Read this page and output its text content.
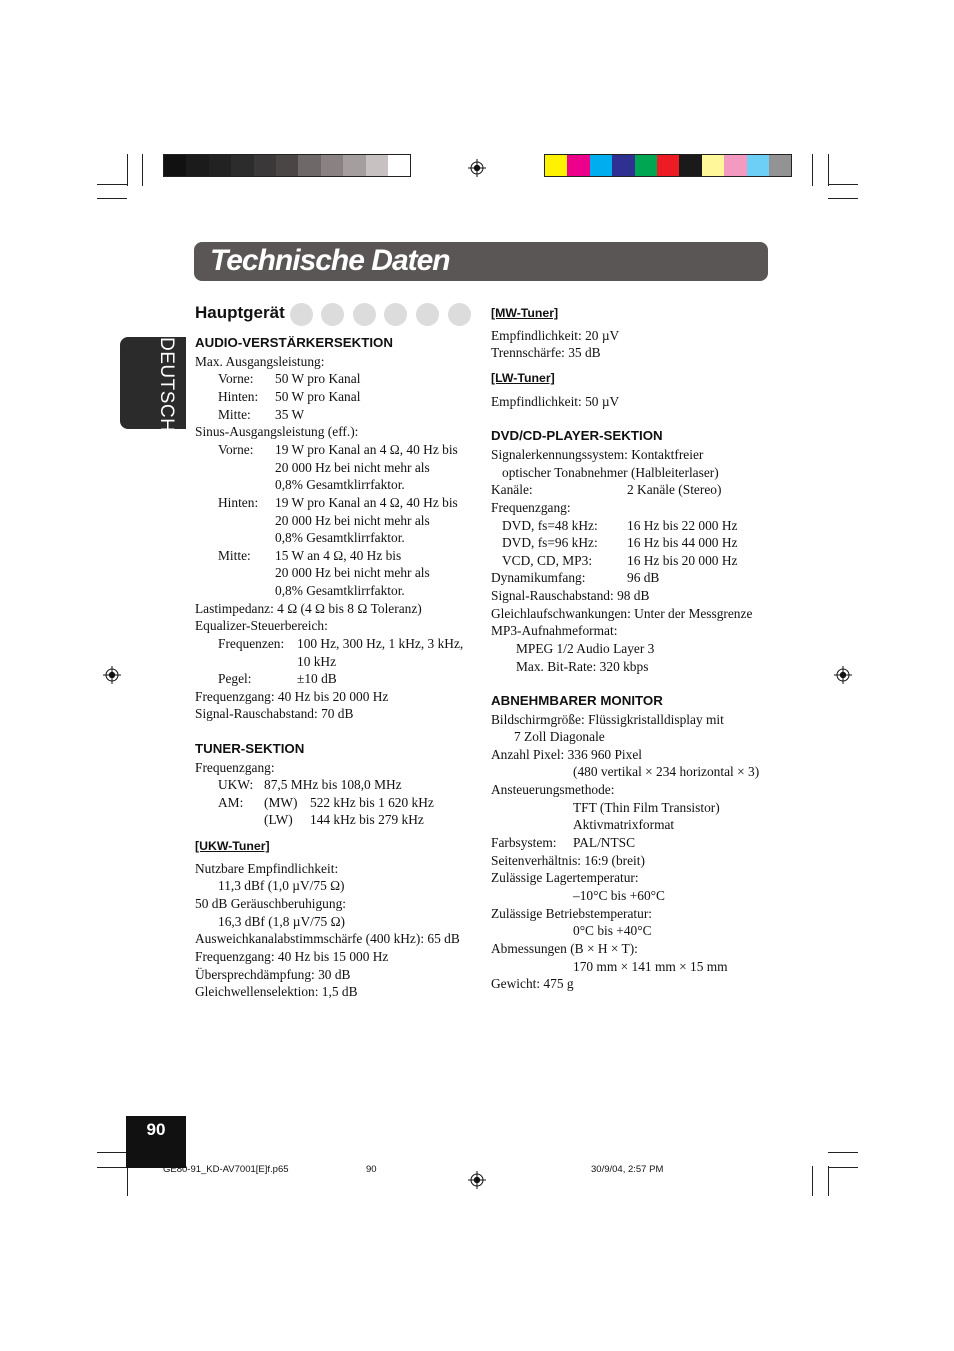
Technische Daten
DEUTSCH
Hauptgerät
AUDIO-VERSTÄRKERSEKTION
Max. Ausgangsleistung:
Vorne: 50 W pro Kanal
Hinten: 50 W pro Kanal
Mitte: 35 W
Sinus-Ausgangsleistung (eff.):
Vorne: 19 W pro Kanal an 4 Ω, 40 Hz bis
20 000 Hz bei nicht mehr als
0,8% Gesamtklirrfaktor.
Hinten: 19 W pro Kanal an 4 Ω, 40 Hz bis
20 000 Hz bei nicht mehr als
0,8% Gesamtklirrfaktor.
Mitte: 15 W an 4 Ω, 40 Hz bis
20 000 Hz bei nicht mehr als
0,8% Gesamtklirrfaktor.
Lastimpedanz: 4 Ω (4 Ω bis 8 Ω Toleranz)
Equalizer-Steuerbereich:
Frequenzen: 100 Hz, 300 Hz, 1 kHz, 3 kHz,
10 kHz
Pegel:	±10 dB
Frequenzgang: 40 Hz bis 20 000 Hz
Signal-Rauschabstand: 70 dB
TUNER-SEKTION
Frequenzgang:
UKW: 87,5 MHz bis 108,0 MHz
AM: (MW) 522 kHz bis 1 620 kHz
(LW) 144 kHz bis 279 kHz
[UKW-Tuner]
Nutzbare Empfindlichkeit:
11,3 dBf (1,0 µV/75 Ω)
50 dB Geräuschberuhigung:
16,3 dBf (1,8 µV/75 Ω)
Ausweichkanalabstimmschärfe (400 kHz): 65 dB
Frequenzgang: 40 Hz bis 15 000 Hz
Übersprechdämpfung: 30 dB
Gleichwellenselektion: 1,5 dB
[MW-Tuner]
Empfindlichkeit: 20 µV
Trennschärfe: 35 dB
[LW-Tuner]
Empfindlichkeit: 50 µV
DVD/CD-PLAYER-SEKTION
Signalerkennungssystem: Kontaktfreier
optischer Tonabnehmer (Halbleiterlaser)
Kanäle:	2 Kanäle (Stereo)
Frequenzgang:
DVD, fs=48 kHz: 16 Hz bis 22 000 Hz
DVD, fs=96 kHz: 16 Hz bis 44 000 Hz
VCD, CD, MP3:	16 Hz bis 20 000 Hz
Dynamikumfang:	96 dB
Signal-Rauschabstand: 98 dB
Gleichlaufschwankungen: Unter der Messgrenze
MP3-Aufnahmeformat:
MPEG 1/2 Audio Layer 3
Max. Bit-Rate: 320 kbps
ABNEHMBARER MONITOR
Bildschirmgröße: Flüssigkristalldisplay mit
7 Zoll Diagonale
Anzahl Pixel: 336 960 Pixel
(480 vertikal × 234 horizontal × 3)
Ansteuerungsmethode:
TFT (Thin Film Transistor)
Aktivmatrixformat
Farbsystem: PAL/NTSC
Seitenverhältnis: 16:9 (breit)
Zulässige Lagertemperatur:
–10°C bis +60°C
Zulässige Betriebstemperatur:
0°C bis +40°C
Abmessungen (B × H × T):
170 mm × 141 mm × 15 mm
Gewicht: 475 g
90
GE80-91_KD-AV7001[E]f.p65	90	30/9/04, 2:57 PM
